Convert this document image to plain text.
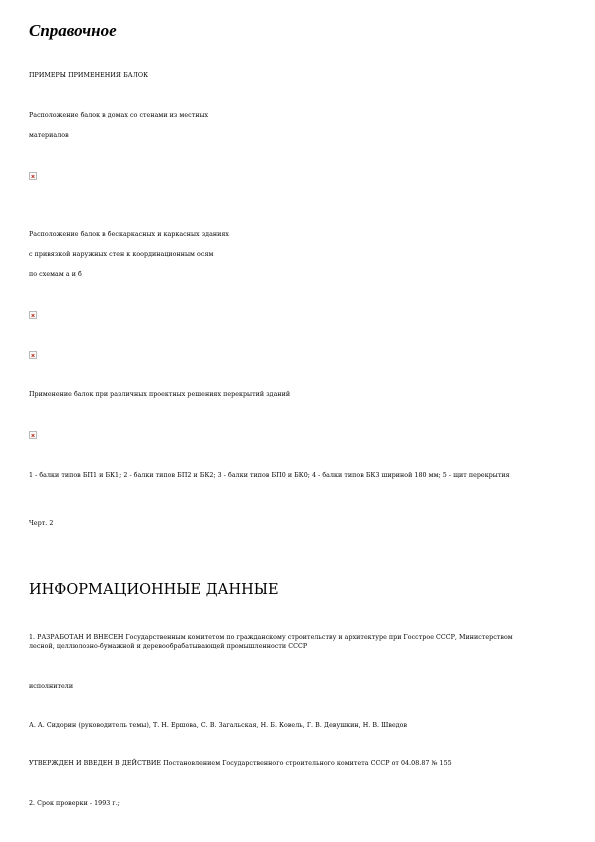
Справочное
ПРИМЕРЫ ПРИМЕНЕНИЯ БАЛОК
Расположение балок в домах со стенами из местных
материалов
Расположение балок в бескаркасных и каркасных зданиях
с привязкой наружных стен к координационным осям
по схемам а и б
Применение балок при различных проектных решениях перекрытий зданий
1 - балки типов БП1 и БК1; 2 - балки типов БП2 и БК2; 3 - балки типов БП0 и БК0; 4 - балки типов БК3 шириной 180 мм; 5 - щит перекрытия
Черт. 2
ИНФОРМАЦИОННЫЕ ДАННЫЕ
1. РАЗРАБОТАН И ВНЕСЕН Государственным комитетом по гражданскому строительству и архитектуре при Госстрое СССР, Министерством лесной, целлюлозно-бумажной и деревообрабатывающей промышленности СССР
исполнители
А. А. Сидорин (руководитель темы), Т. Н. Ершова, С. В. Загальская, Н. Б. Ковель, Г. В. Девушкин, Н. В. Шведов
УТВЕРЖДЕН И ВВЕДЕН В ДЕЙСТВИЕ Постановлением Государственного строительного комитета СССР от 04.08.87 № 155
2. Срок проверки - 1993 г.;
